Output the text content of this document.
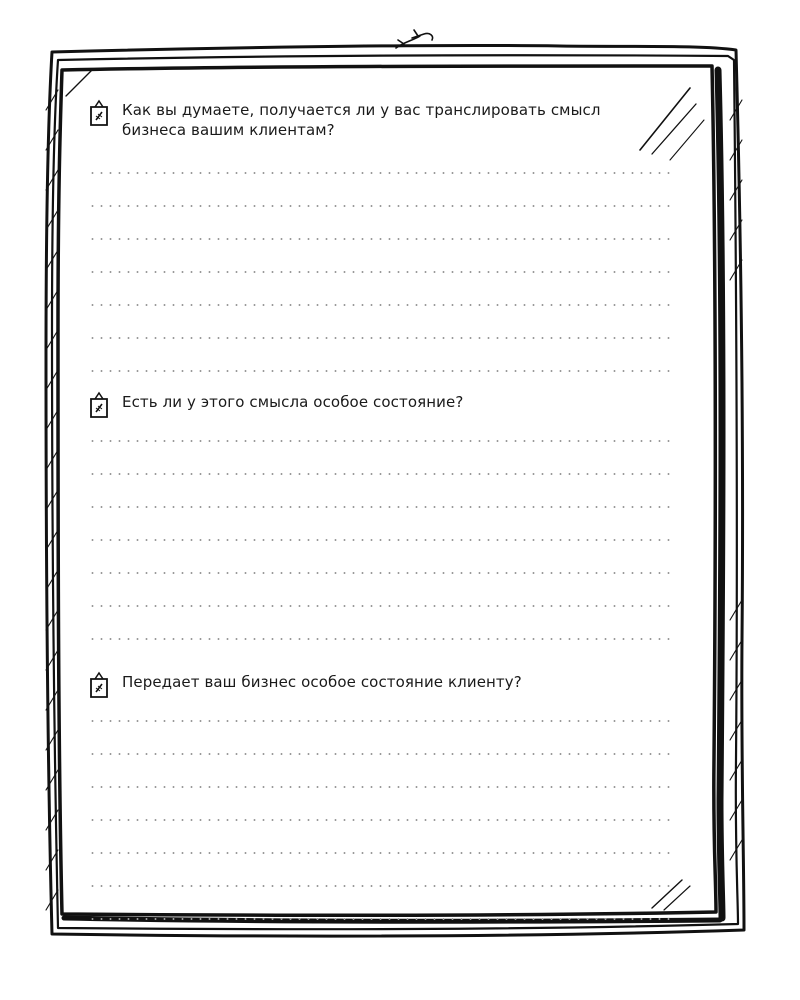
Как вы думаете, получается ли у вас транслировать смысл бизнеса вашим клиентам?
Есть ли у этого смысла особое состояние?
Передает ваш бизнес особое состояние клиенту?
